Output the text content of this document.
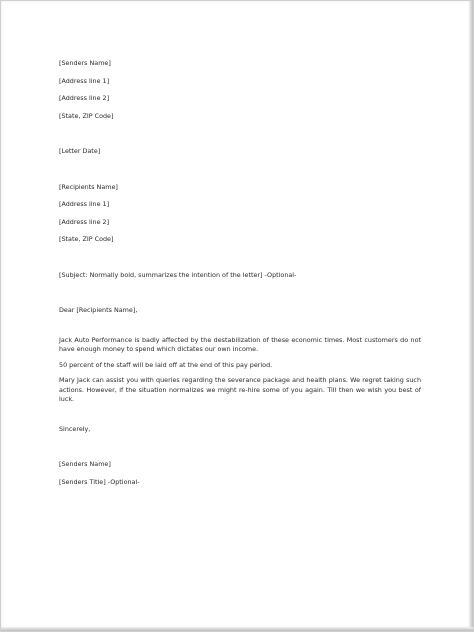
[Senders Name]

[Address line 1]

[Address line 2]

[State, ZIP Code]

[Letter Date]

[Recipients Name]

[Address line 1]

[Address line 2]

[State, ZIP Code]

[Subject: Normally bold, summarizes the intention of the letter] -Optional-

Dear [Recipients Name],

Jack Auto Performance is badly affected by the destabilization of these economic times. Most customers do not have enough money to spend which dictates our own income.

50 percent of the staff will be laid off at the end of this pay period.

Mary Jack can assist you with queries regarding the severance package and health plans. We regret taking such actions. However, if the situation normalizes we might re-hire some of you again. Till then we wish you best of luck.

Sincerely,

[Senders Name]

[Senders Title] -Optional-
